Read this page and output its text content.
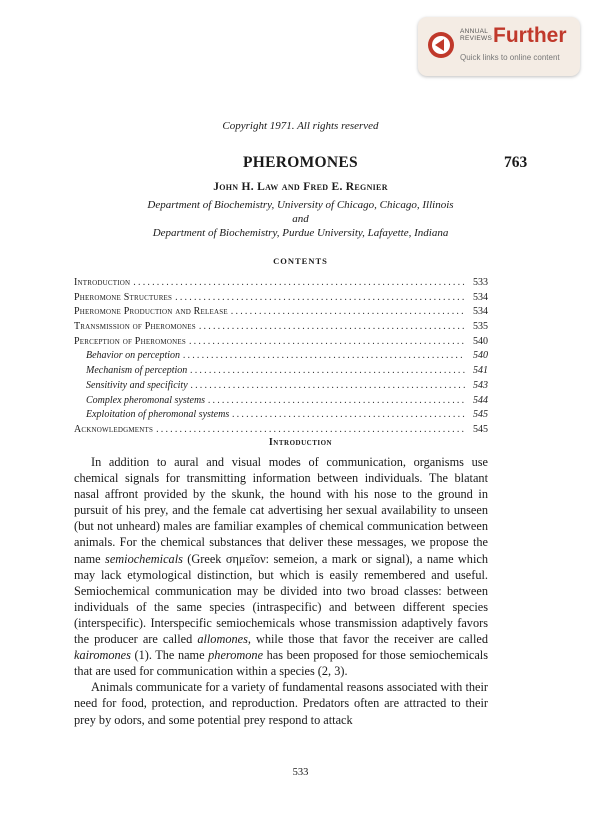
ANNUAL
REVIEWS Further
Quick links to online content
Copyright 1971. All rights reserved
PHEROMONES	763
John H. Law and Fred E. Regnier
Department of Biochemistry, University of Chicago, Chicago, Illinois
and
Department of Biochemistry, Purdue University, Lafayette, Indiana
CONTENTS
Introduction .....	533
Pheromone Structures .....	534
Pheromone Production and Release .....	534
Transmission of Pheromones .....	535
Perception of Pheromones .....	540
Behavior on perception .....	540
Mechanism of perception .....	541
Sensitivity and specificity .....	543
Complex pheromonal systems .....	544
Exploitation of pheromonal systems .....	545
Acknowledgments .....	545
Introduction

In addition to aural and visual modes of communication, organisms use chemical signals for transmitting information between individuals. The blatant nasal affront provided by the skunk, the hound with his nose to the ground in pursuit of his prey, and the female cat advertising her sexual availability to unseen (but not unheard) males are familiar examples of chemical communication between animals. For the chemical substances that deliver these messages, we propose the name semiochemicals (Greek σημεῖον: semeion, a mark or signal), a name which may lack etymological distinction, but which is easily remembered and useful. Semiochemical communication may be divided into two broad classes: between individuals of the same species (intraspecific) and between different species (interspecific). Interspecific semiochemicals whose transmission adaptively favors the producer are called allomones, while those that favor the receiver are called kairomones (1). The name pheromone has been proposed for those semiochemicals that are used for communication within a species (2, 3).

Animals communicate for a variety of fundamental reasons associated with their need for food, protection, and reproduction. Predators often are attracted to their prey by odors, and some potential prey respond to attack

533
